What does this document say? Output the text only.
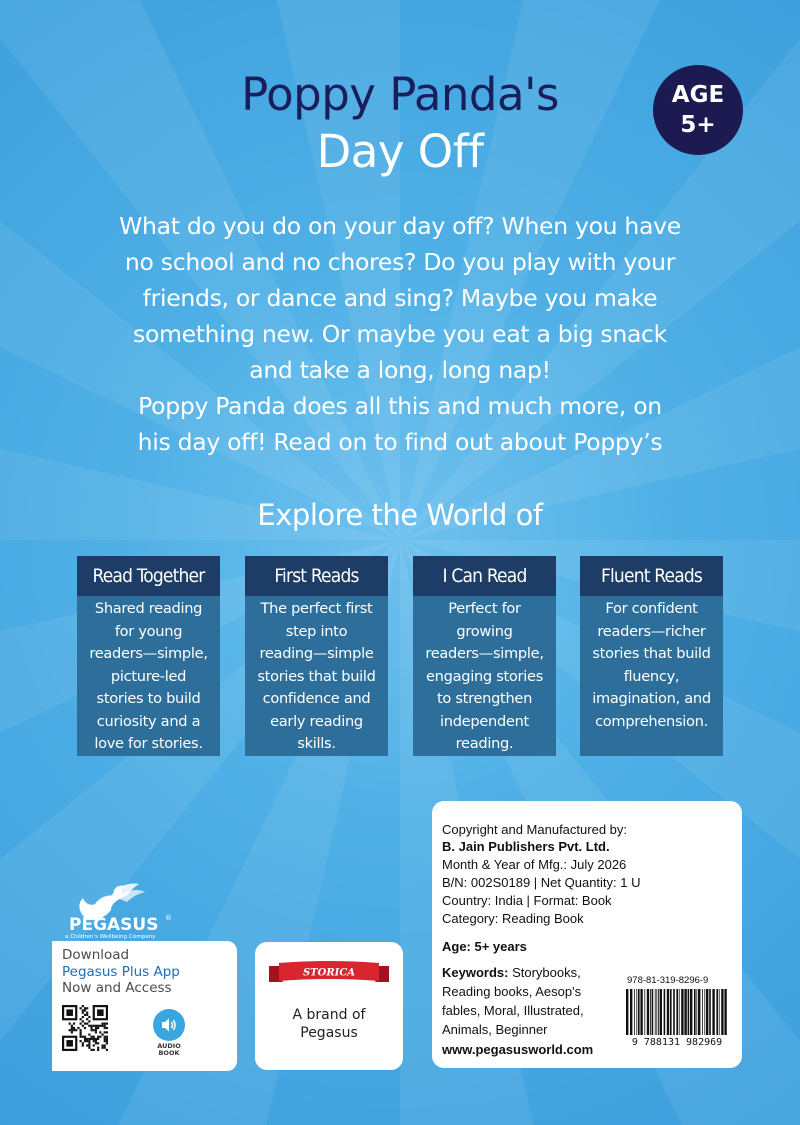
Poppy Panda's
Day Off
AGE
5+
What do you do on your day off? When you have
no school and no chores? Do you play with your
friends, or dance and sing? Maybe you make
something new. Or maybe you eat a big snack
and take a long, long nap!
Poppy Panda does all this and much more, on
his day off! Read on to find out about Poppy’s
Explore the World of
Read Together
Shared reading
for young
readers—simple,
picture-led
stories to build
curiosity and a
love for stories.
First Reads
The perfect first
step into
reading—simple
stories that build
confidence and
early reading
skills.
I Can Read
Perfect for
growing
readers—simple,
engaging stories
to strengthen
independent
reading.
Fluent Reads
For confident
readers—richer
stories that build
fluency,
imagination, and
comprehension.
PEGASUS ®
a Children's Wellbeing Company
Download
Pegasus Plus App
Now and Access
AUDIO
BOOK
STORICA
A brand of
Pegasus
Copyright and Manufactured by:
B. Jain Publishers Pvt. Ltd.
Month & Year of Mfg.: July 2026
B/N: 002S0189 | Net Quantity: 1 U
Country: India | Format: Book
Category: Reading Book
Age: 5+ years
Keywords: Storybooks,
Reading books, Aesop's
fables, Moral, Illustrated,
Animals, Beginner
www.pegasusworld.com
978-81-319-8296-9
9 788131 982969
